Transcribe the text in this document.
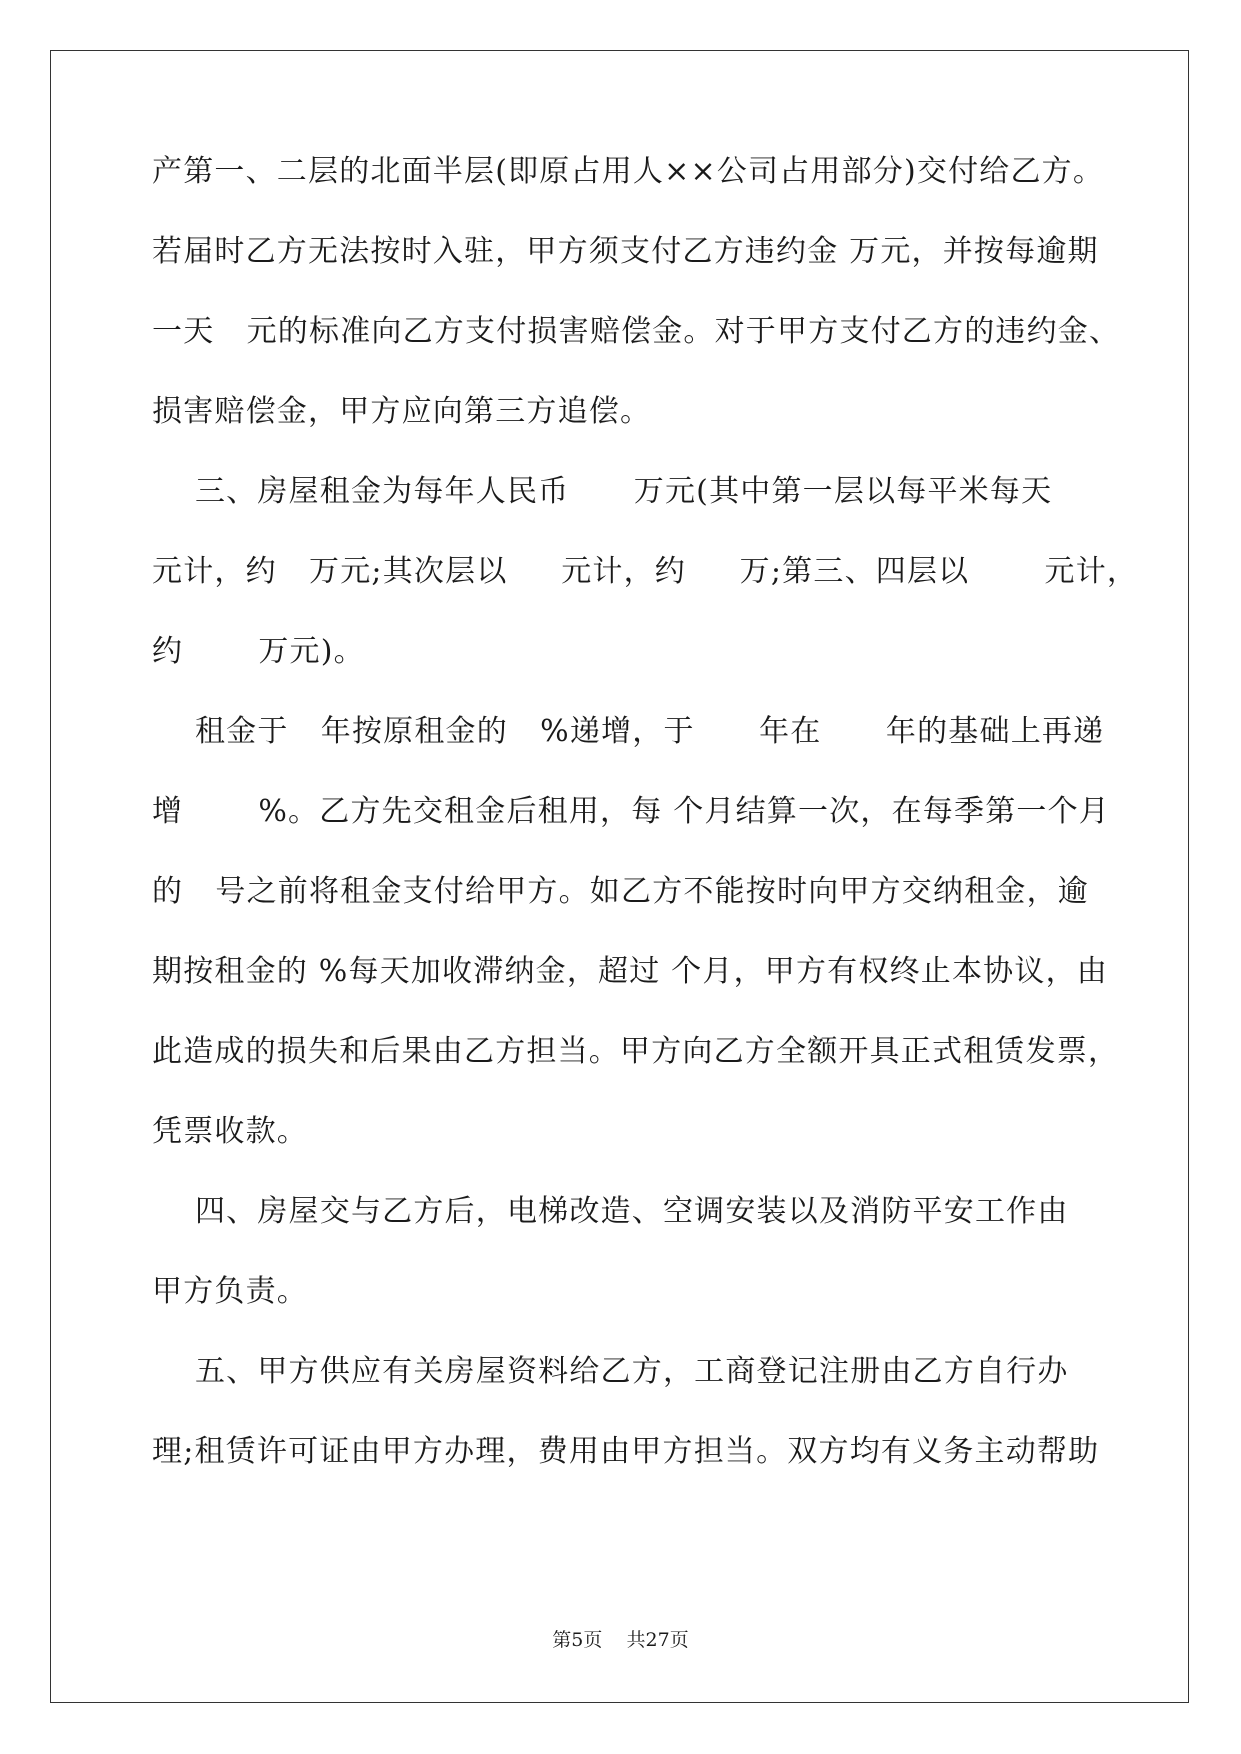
产第一、二层的北面半层(即原占用人××公司占用部分)交付给乙方。
若届时乙方无法按时入驻，甲方须支付乙方违约金 万元，并按每逾期
一天   元的标准向乙方支付损害赔偿金。对于甲方支付乙方的违约金、
损害赔偿金，甲方应向第三方追偿。
三、房屋租金为每年人民币      万元(其中第一层以每平米每天
元计，约   万元;其次层以     元计，约     万;第三、四层以       元计，
约       万元)。
租金于   年按原租金的   %递增，于      年在      年的基础上再递
增       %。乙方先交租金后租用，每 个月结算一次，在每季第一个月
的   号之前将租金支付给甲方。如乙方不能按时向甲方交纳租金，逾
期按租金的 %每天加收滞纳金，超过 个月，甲方有权终止本协议，由
此造成的损失和后果由乙方担当。甲方向乙方全额开具正式租赁发票，
凭票收款。
四、房屋交与乙方后，电梯改造、空调安装以及消防平安工作由
甲方负责。
五、甲方供应有关房屋资料给乙方，工商登记注册由乙方自行办
理;租赁许可证由甲方办理，费用由甲方担当。双方均有义务主动帮助
第5页    共27页
